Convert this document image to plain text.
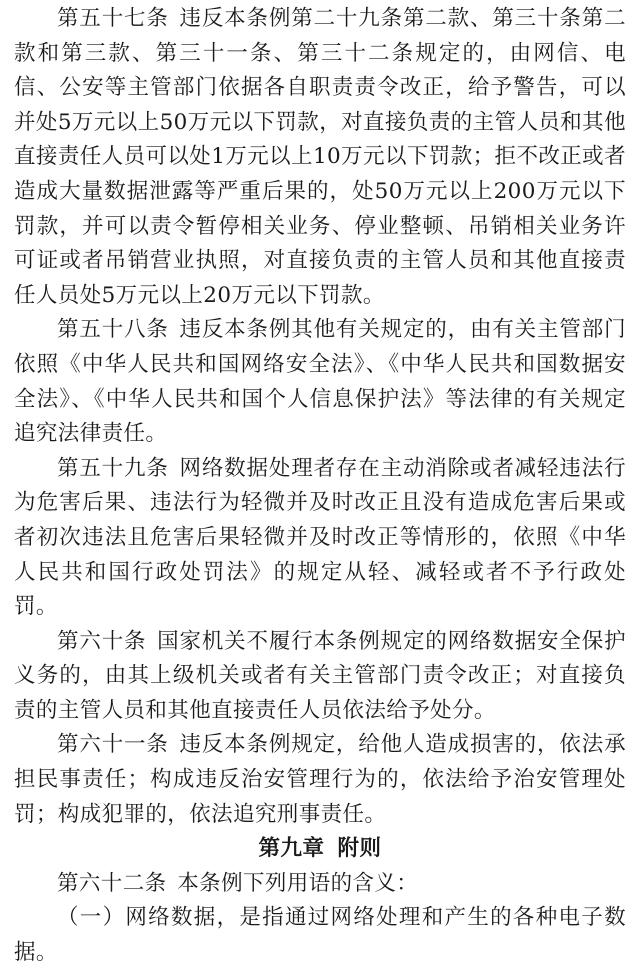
第五十七条 违反本条例第二十九条第二款、第三十条第二款和第三款、第三十一条、第三十二条规定的，由网信、电信、公安等主管部门依据各自职责责令改正，给予警告，可以并处5万元以上50万元以下罚款，对直接负责的主管人员和其他直接责任人员可以处1万元以上10万元以下罚款；拒不改正或者造成大量数据泄露等严重后果的，处50万元以上200万元以下罚款，并可以责令暂停相关业务、停业整顿、吊销相关业务许可证或者吊销营业执照，对直接负责的主管人员和其他直接责任人员处5万元以上20万元以下罚款。

第五十八条 违反本条例其他有关规定的，由有关主管部门依照《中华人民共和国网络安全法》、《中华人民共和国数据安全法》、《中华人民共和国个人信息保护法》等法律的有关规定追究法律责任。

第五十九条 网络数据处理者存在主动消除或者减轻违法行为危害后果、违法行为轻微并及时改正且没有造成危害后果或者初次违法且危害后果轻微并及时改正等情形的，依照《中华人民共和国行政处罚法》的规定从轻、减轻或者不予行政处罚。

第六十条 国家机关不履行本条例规定的网络数据安全保护义务的，由其上级机关或者有关主管部门责令改正；对直接负责的主管人员和其他直接责任人员依法给予处分。

第六十一条 违反本条例规定，给他人造成损害的，依法承担民事责任；构成违反治安管理行为的，依法给予治安管理处罚；构成犯罪的，依法追究刑事责任。

第九章 附则

第六十二条 本条例下列用语的含义：

（一）网络数据，是指通过网络处理和产生的各种电子数据。
